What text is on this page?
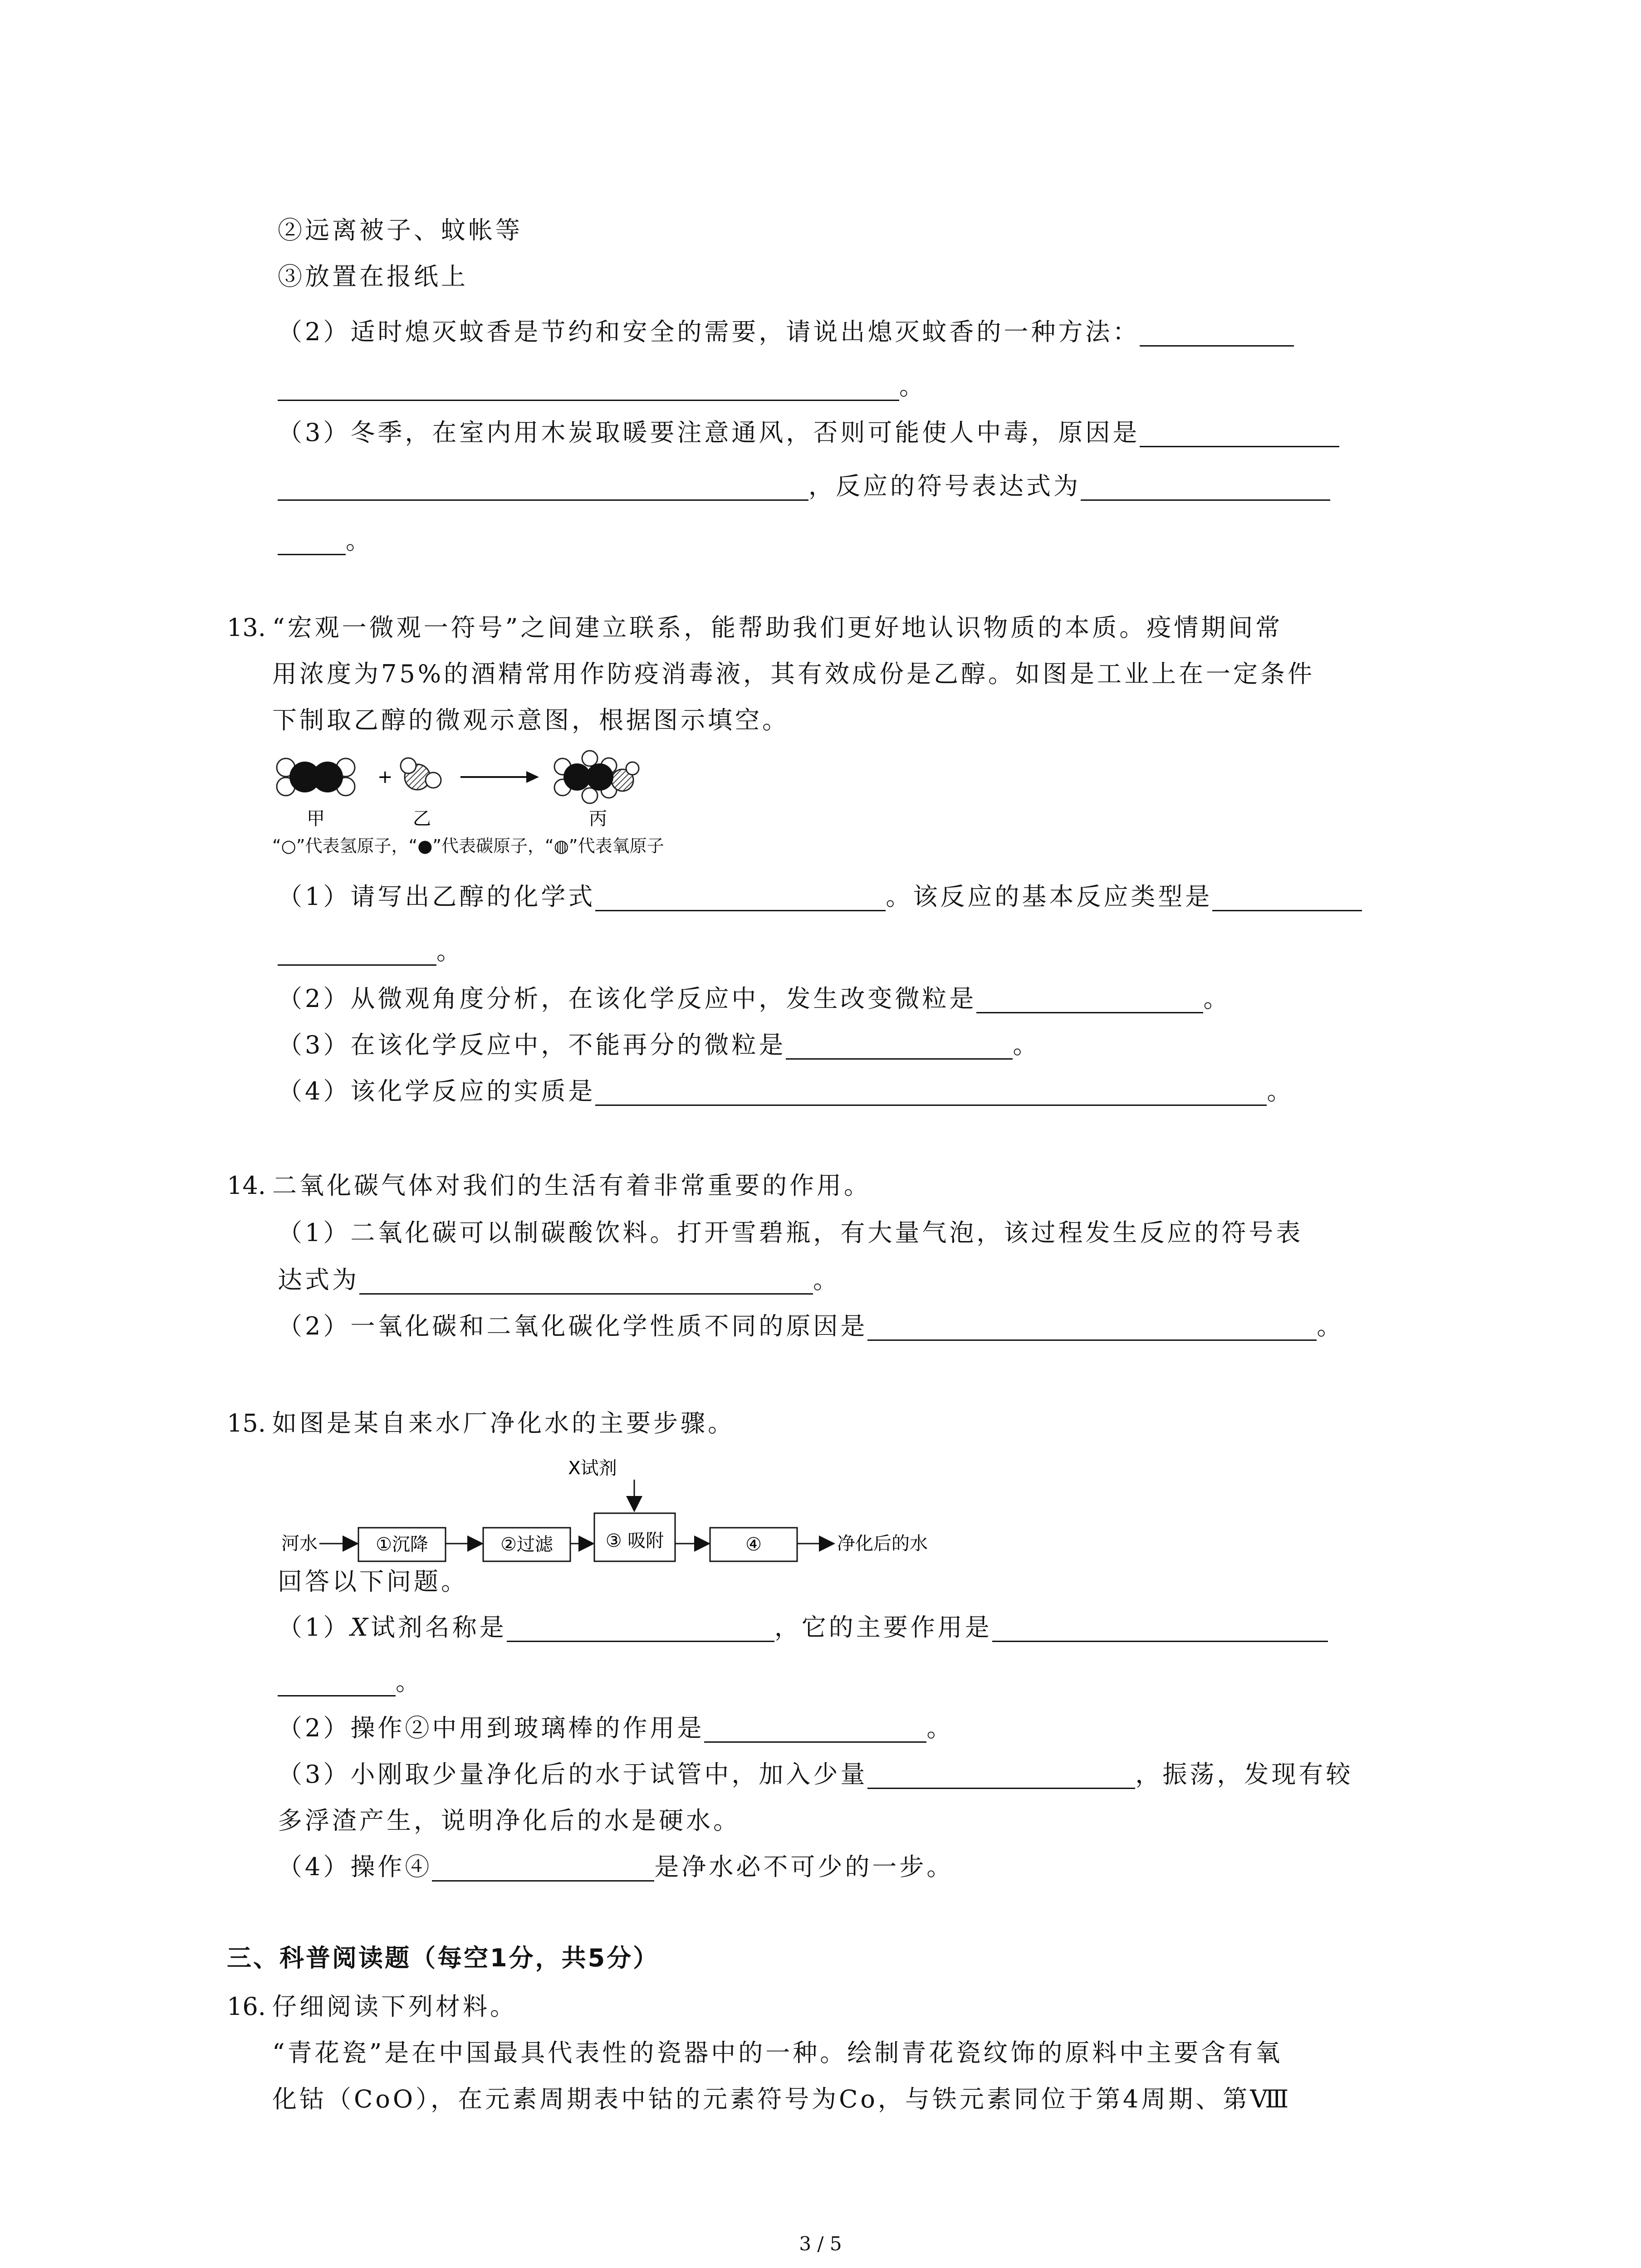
②远离被子、蚊帐等
③放置在报纸上
（2）适时熄灭蚊香是节约和安全的需要，请说出熄灭蚊香的一种方法：
。
（3）冬季，在室内用木炭取暖要注意通风，否则可能使人中毒，原因是
，反应的符号表达式为
。
13. “宏观一微观一符号”之间建立联系，能帮助我们更好地认识物质的本质。疫情期间常
用浓度为75%的酒精常用作防疫消毒液，其有效成份是乙醇。如图是工业上在一定条件
下制取乙醇的微观示意图，根据图示填空。
+
甲	乙	丙
“○”代表氢原子，“●”代表碳原子，“◍”代表氧原子
（1）请写出乙醇的化学式	。该反应的基本反应类型是
。
（2）从微观角度分析，在该化学反应中，发生改变微粒是	。
（3）在该化学反应中，不能再分的微粒是	。
（4）该化学反应的实质是	。
14. 二氧化碳气体对我们的生活有着非常重要的作用。
（1）二氧化碳可以制碳酸饮料。打开雪碧瓶，有大量气泡，该过程发生反应的符号表
达式为	。
（2）一氧化碳和二氧化碳化学性质不同的原因是	。
15. 如图是某自来水厂净化水的主要步骤。
X试剂
河水	①沉降	②过滤	③ 吸附	④	净化后的水
回答以下问题。
（1）X试剂名称是	，它的主要作用是
。
（2）操作②中用到玻璃棒的作用是	。
（3）小刚取少量净化后的水于试管中，加入少量	，振荡，发现有较
多浮渣产生，说明净化后的水是硬水。
（4）操作④	是净水必不可少的一步。
三、科普阅读题（每空1分，共5分）
16. 仔细阅读下列材料。
“青花瓷”是在中国最具代表性的瓷器中的一种。绘制青花瓷纹饰的原料中主要含有氧
化钴（CoO），在元素周期表中钴的元素符号为Co，与铁元素同位于第4周期、第Ⅷ
3 / 5
